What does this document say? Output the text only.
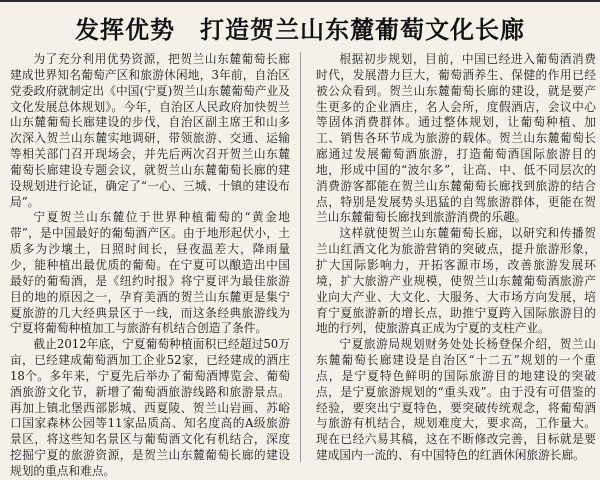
发挥优势　打造贺兰山东麓葡萄文化长廊

为了充分利用优势资源，把贺兰山东麓葡萄长廊建成世界知名葡萄产区和旅游休闲地，3年前，自治区党委政府就制定出《中国(宁夏)贺兰山东麓葡萄产业及文化发展总体规划》。今年，自治区人民政府加快贺兰山东麓葡萄长廊建设的步伐，自治区副主席王和山多次深入贺兰山东麓实地调研，带领旅游、交通、运输等相关部门召开现场会，并先后两次召开贺兰山东麓葡萄长廊建设专题会议，就贺兰山东麓葡萄长廊的建设规划进行论证，确定了“一心、三城、十镇的建设布局”。

宁夏贺兰山东麓位于世界种植葡萄的“黄金地带”，是中国最好的葡萄酒产区。由于地形起伏小，土质多为沙壤土，日照时间长，昼夜温差大，降雨量少，能种植出最优质的葡萄。在宁夏可以酿造出中国最好的葡萄酒，是《纽约时报》将宁夏评为最佳旅游目的地的原因之一，孕育美酒的贺兰山东麓更是集宁夏旅游的几大经典景区于一线，而这条经典旅游线为宁夏将葡萄种植加工与旅游有机结合创造了条件。

截止2012年底，宁夏葡萄种植面积已经超过50万亩，已经建成葡萄酒加工企业52家，已经建成的酒庄18个。多年来，宁夏先后举办了葡萄酒博览会、葡萄酒旅游文化节，新增了葡萄酒旅游线路和旅游景点。再加上镇北堡西部影城、西夏陵、贺兰山岩画、苏峪口国家森林公园等11家品质高、知名度高的A级旅游景区，将这些知名景区与葡萄酒文化有机结合，深度挖掘宁夏的旅游资源，是贺兰山东麓葡萄长廊的建设规划的重点和难点。

根据初步规划，目前，中国已经进入葡萄酒消费时代，发展潜力巨大，葡萄酒养生、保健的作用已经被公众看到。贺兰山东麓葡萄长廊的建设，就是要产生更多的企业酒庄，名人会所，度假酒店，会议中心等固体消费群体。通过整体规划，让葡萄种植、加工、销售各环节成为旅游的载体。贺兰山东麓葡萄长廊通过发展葡萄酒旅游，打造葡萄酒国际旅游目的地，形成中国的“波尔多”，让高、中、低不同层次的消费游客都能在贺兰山东麓葡萄长廊找到旅游的结合点，特别是发展势头迅猛的自驾旅游群体，更能在贺兰山东麓葡萄长廊找到旅游消费的乐趣。

这样就使贺兰山东麓葡萄长廊，以研究和传播贺兰山红酒文化为旅游营销的突破点，提升旅游形象，扩大国际影响力，开拓客源市场，改善旅游发展环境，扩大旅游产业规模，使贺兰山东麓葡萄酒旅游产业向大产业、大文化、大服务、大市场方向发展，培育宁夏旅游新的增长点，助推宁夏跨入国际旅游目的地的行列，使旅游真正成为宁夏的支柱产业。

宁夏旅游局规划财务处处长杨登保介绍，贺兰山东麓葡萄长廊建设是自治区“十二五”规划的一个重点，是宁夏特色鲜明的国际旅游目的地建设的突破点，是宁夏旅游规划的“重头戏”。由于没有可借鉴的经验，要突出宁夏特色，要突破传统观念，将葡萄酒与旅游有机结合，规划难度大，要求高，工作量大。现在已经六易其稿，这在不断修改完善，目标就是要建成国内一流的、有中国特色的红酒休闲旅游长廊。
